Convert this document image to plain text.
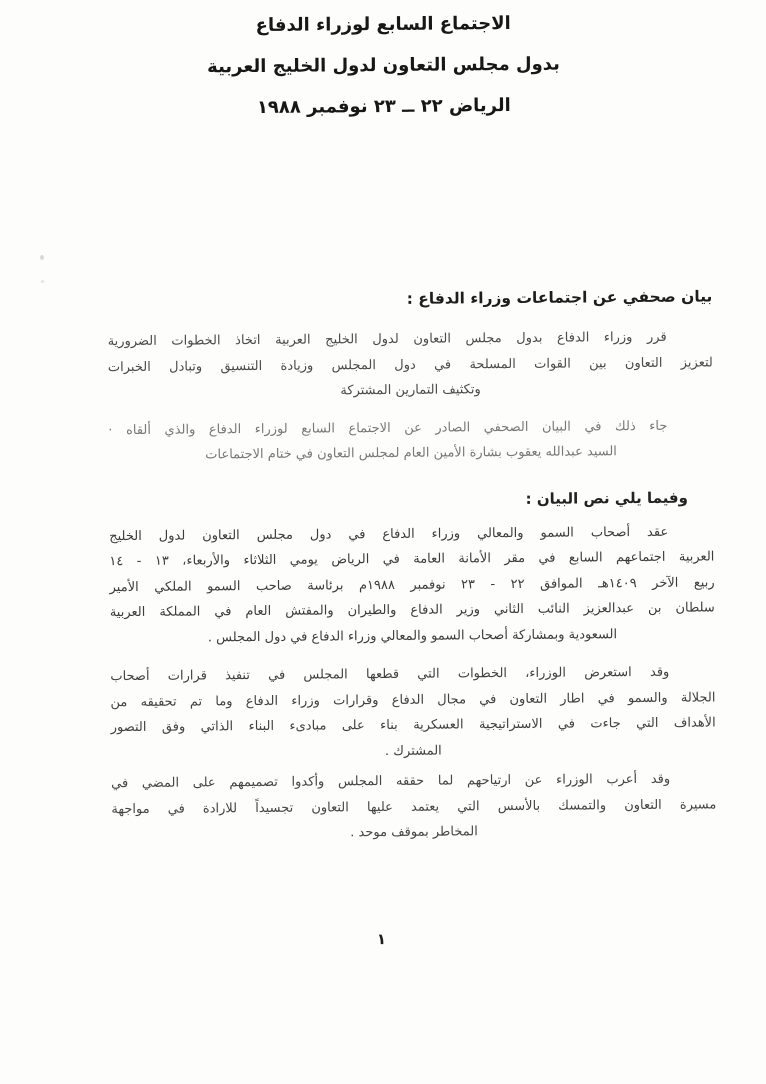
الاجتماع السابع لوزراء الدفاع
بدول مجلس التعاون لدول الخليج العربية
الرياض ٢٢ ــ ٢٣ نوفمبر ١٩٨٨
بيان صحفي عن اجتماعات وزراء الدفاع :
قرر وزراء الدفاع بدول مجلس التعاون لدول الخليج العربية اتخاذ الخطوات الضرورية
لتعزيز التعاون بين القوات المسلحة في دول المجلس وزيادة التنسيق وتبادل الخبرات
وتكثيف التمارين المشتركة
جاء ذلك في البيان الصحفي الصادر عن الاجتماع السابع لوزراء الدفاع والذي ألقاه ·
السيد عبدالله يعقوب بشارة الأمين العام لمجلس التعاون في ختام الاجتماعات
وفيما يلي نص البيان :
عقد أصحاب السمو والمعالي وزراء الدفاع في دول مجلس التعاون لدول الخليج
العربية اجتماعهم السابع في مقر الأمانة العامة في الرياض يومي الثلاثاء والأربعاء، ١٣ - ١٤
ربيع الآخر ١٤٠٩هـ الموافق ٢٢ - ٢٣ نوفمبر ١٩٨٨م برئاسة صاحب السمو الملكي الأمير
سلطان بن عبدالعزيز النائب الثاني وزير الدفاع والطيران والمفتش العام في المملكة العربية
السعودية وبمشاركة أصحاب السمو والمعالي وزراء الدفاع في دول المجلس .
وقد استعرض الوزراء، الخطوات التي قطعها المجلس في تنفيذ قرارات أصحاب
الجلالة والسمو في اطار التعاون في مجال الدفاع وقرارات وزراء الدفاع وما تم تحقيقه من
الأهداف التي جاءت في الاستراتيجية العسكرية بناء على مبادىء البناء الذاتي وفق التصور
المشترك .
وقد أعرب الوزراء عن ارتياحهم لما حققه المجلس وأكدوا تصميمهم على المضي في
مسيرة التعاون والتمسك بالأسس التي يعتمد عليها التعاون تجسيداً للارادة في مواجهة
المخاطر بموقف موحد .
١
